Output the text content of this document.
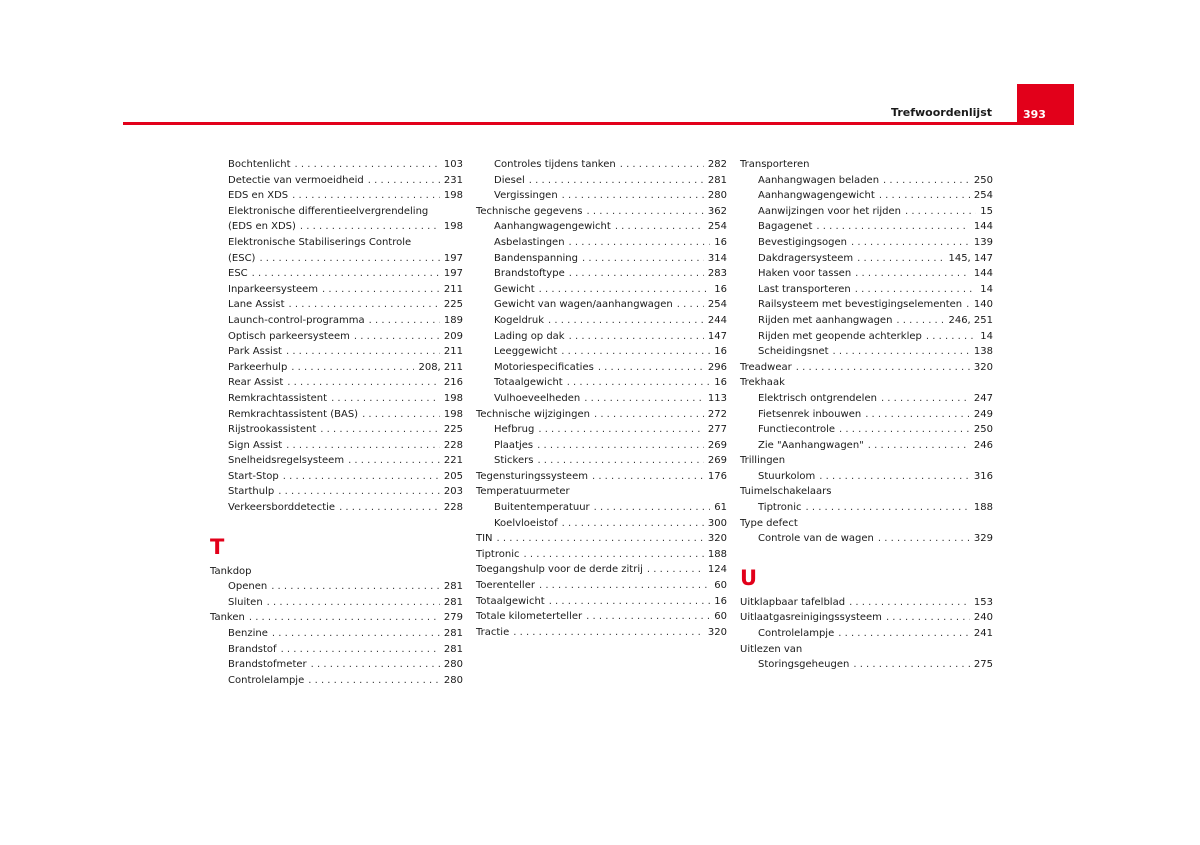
Trefwoordenlijst	393
Bochtenlicht . . .	103
Detectie van vermoeidheid . . .	231
EDS en XDS . . .	198
Elektronische differentieelvergrendeling
(EDS en XDS) . . .	198
Elektronische Stabiliserings Controle
(ESC) . . .	197
ESC . . .	197
Inparkeersysteem . . .	211
Lane Assist . . .	225
Launch-control-programma . . .	189
Optisch parkeersysteem . . .	209
Park Assist . . .	211
Parkeerhulp . . .	208, 211
Rear Assist . . .	216
Remkrachtassistent . . .	198
Remkrachtassistent (BAS) . . .	198
Rijstrookassistent . . .	225
Sign Assist . . .	228
Snelheidsregelsysteem . . .	221
Start-Stop . . .	205
Starthulp . . .	203
Verkeersborddetectie . . .	228
T
Tankdop
Openen . . .	281
Sluiten . . .	281
Tanken . . .	279
Benzine . . .	281
Brandstof . . .	281
Brandstofmeter . . .	280
Controlelampje . . .	280
Controles tijdens tanken . . .	282
Diesel . . .	281
Vergissingen . . .	280
Technische gegevens . . .	362
Aanhangwagengewicht . . .	254
Asbelastingen . . .	16
Bandenspanning . . .	314
Brandstoftype . . .	283
Gewicht . . .	16
Gewicht van wagen/aanhangwagen . . .	254
Kogeldruk . . .	244
Lading op dak . . .	147
Leeggewicht . . .	16
Motoriespecificaties . . .	296
Totaalgewicht . . .	16
Vulhoeveelheden . . .	113
Technische wijzigingen . . .	272
Hefbrug . . .	277
Plaatjes . . .	269
Stickers . . .	269
Tegensturingssysteem . . .	176
Temperatuurmeter
Buitentemperatuur . . .	61
Koelvloeistof . . .	300
TIN . . .	320
Tiptronic . . .	188
Toegangshulp voor de derde zitrij . . .	124
Toerenteller . . .	60
Totaalgewicht . . .	16
Totale kilometerteller . . .	60
Tractie . . .	320
Transporteren
Aanhangwagen beladen . . .	250
Aanhangwagengewicht . . .	254
Aanwijzingen voor het rijden . . .	15
Bagagenet . . .	144
Bevestigingsogen . . .	139
Dakdragersysteem . . .	145, 147
Haken voor tassen . . .	144
Last transporteren . . .	14
Railsysteem met bevestigingselementen . . . 140
Rijden met aanhangwagen . . .	246, 251
Rijden met geopende achterklep . . .	14
Scheidingsnet . . .	138
Treadwear . . .	320
Trekhaak
Elektrisch ontgrendelen . . .	247
Fietsenrek inbouwen . . .	249
Functiecontrole . . .	250
Zie "Aanhangwagen" . . .	246
Trillingen
Stuurkolom . . .	316
Tuimelschakelaars
Tiptronic . . .	188
Type defect
Controle van de wagen . . .	329
U
Uitklapbaar tafelblad . . .	153
Uitlaatgasreinigingssysteem . . .	240
Controlelampje . . .	241
Uitlezen van
Storingsgeheugen . . .	275
